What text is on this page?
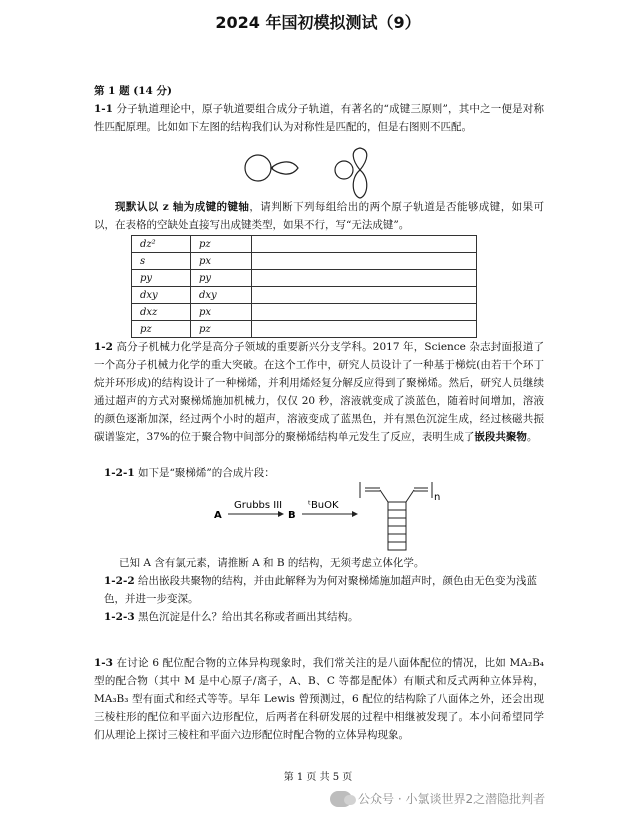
2024 年国初模拟测试（9）
第 1 题 (14 分)

1-1 分子轨道理论中，原子轨道要组合成分子轨道，有著名的“成键三原则”，其中之一便是对称性匹配原理。比如如下左图的结构我们认为对称性是匹配的，但是右图则不匹配。

现默认以 z 轴为成键的键轴，请判断下列每组给出的两个原子轨道是否能够成键，如果可以，在表格的空缺处直接写出成键类型，如果不行，写“无法成键”。

dz²	pz	
s	px	
py	py	
dxy	dxy	
dxz	px	
pz	pz	

1-2 高分子机械力化学是高分子领域的重要新兴分支学科。2017 年，Science 杂志封面报道了一个高分子机械力化学的重大突破。在这个工作中，研究人员设计了一种基于梯烷(由若干个环丁烷并环形成)的结构设计了一种梯烯，并利用烯烃复分解反应得到了聚梯烯。然后，研究人员继续通过超声的方式对聚梯烯施加机械力，仅仅 20 秒，溶液就变成了淡蓝色，随着时间增加，溶液的颜色逐渐加深，经过两个小时的超声，溶液变成了蓝黑色，并有黑色沉淀生成，经过核磁共振碳谱鉴定，37%的位于聚合物中间部分的聚梯烯结构单元发生了反应，表明生成了嵌段共聚物。

1-2-1 如下是“聚梯烯”的合成片段：

A
Grubbs III
B
ᵗBuOK
n

已知 A 含有氯元素，请推断 A 和 B 的结构，无须考虑立体化学。

1-2-2 给出嵌段共聚物的结构，并由此解释为为何对聚梯烯施加超声时，颜色由无色变为浅蓝色，并进一步变深。

1-2-3 黑色沉淀是什么？给出其名称或者画出其结构。

1-3 在讨论 6 配位配合物的立体异构现象时，我们常关注的是八面体配位的情况，比如 MA₂B₄ 型的配合物（其中 M 是中心原子/离子，A、B、C 等都是配体）有顺式和反式两种立体异构，MA₃B₃ 型有面式和经式等等。早年 Lewis 曾预测过，6 配位的结构除了八面体之外，还会出现三棱柱形的配位和平面六边形配位，后两者在科研发展的过程中相继被发现了。本小问希望同学们从理论上探讨三棱柱和平面六边形配位时配合物的立体异构现象。

第 1 页 共 5 页
公众号 · 小氯谈世界2之潜隐批判者
